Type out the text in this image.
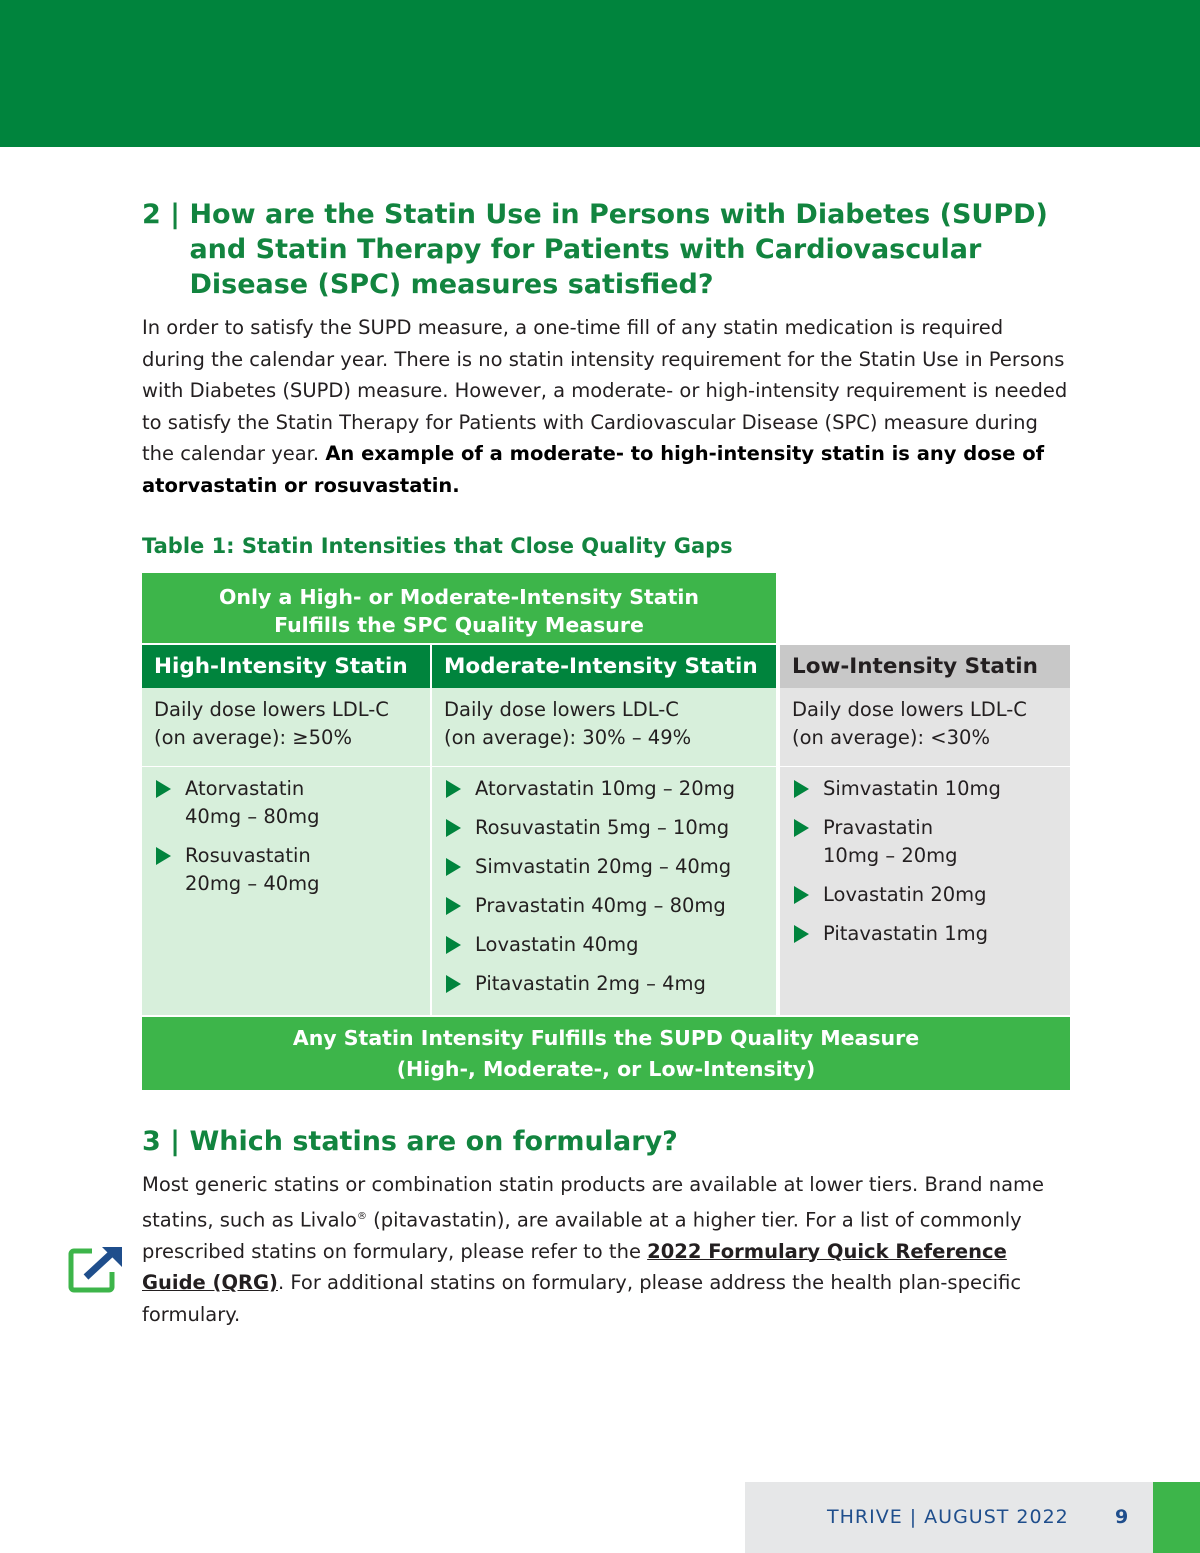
2 | How are the Statin Use in Persons with Diabetes (SUPD) and Statin Therapy for Patients with Cardiovascular Disease (SPC) measures satisfied?

In order to satisfy the SUPD measure, a one-time fill of any statin medication is required during the calendar year. There is no statin intensity requirement for the Statin Use in Persons with Diabetes (SUPD) measure. However, a moderate- or high-intensity requirement is needed to satisfy the Statin Therapy for Patients with Cardiovascular Disease (SPC) measure during the calendar year. An example of a moderate- to high-intensity statin is any dose of atorvastatin or rosuvastatin.

Table 1: Statin Intensities that Close Quality Gaps
Only a High- or Moderate-Intensity Statin
Fulfills the SPC Quality Measure
High-Intensity Statin	Moderate-Intensity Statin	Low-Intensity Statin
Daily dose lowers LDL-C
(on average): ≥50%
Daily dose lowers LDL-C
(on average): 30% – 49%
Daily dose lowers LDL-C
(on average): <30%
Atorvastatin
40mg – 80mg
Rosuvastatin
20mg – 40mg
Atorvastatin 10mg – 20mg
Rosuvastatin 5mg – 10mg
Simvastatin 20mg – 40mg
Pravastatin 40mg – 80mg
Lovastatin 40mg
Pitavastatin 2mg – 4mg
Simvastatin 10mg
Pravastatin
10mg – 20mg
Lovastatin 20mg
Pitavastatin 1mg
Any Statin Intensity Fulfills the SUPD Quality Measure
(High-, Moderate-, or Low-Intensity)
3 | Which statins are on formulary?

Most generic statins or combination statin products are available at lower tiers. Brand name statins, such as Livalo® (pitavastatin), are available at a higher tier. For a list of commonly prescribed statins on formulary, please refer to the 2022 Formulary Quick Reference Guide (QRG). For additional statins on formulary, please address the health plan-specific formulary.

THRIVE | AUGUST 2022 9
